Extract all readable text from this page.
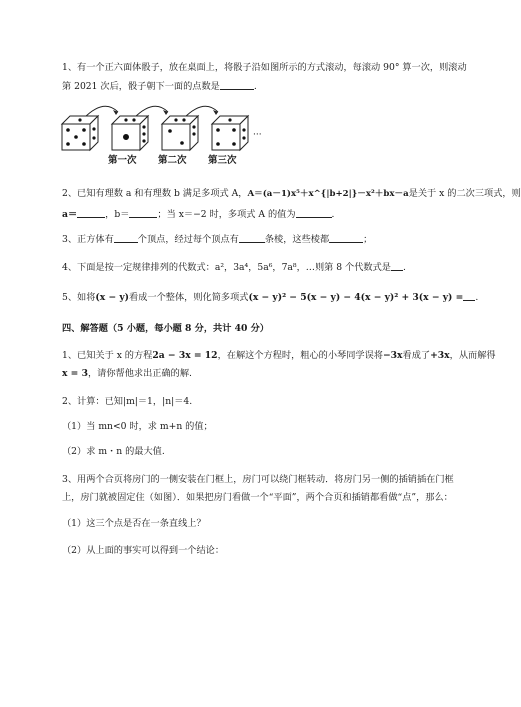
1、有一个正六面体骰子，放在桌面上，将骰子沿如图所示的方式滚动，每滚动 90° 算一次，则滚动
第 2021 次后，骰子朝下一面的点数是	.
···
第一次 第二次 第三次
2、已知有理数 a 和有理数 b 满足多项式 A，A＝(a－1)x⁵＋x^{|b+2|}－x²＋bx－a是关于 x 的二次三项式，则
a＝	，b＝	；当 x＝−2 时，多项式 A 的值为	.
3、正方体有	个顶点，经过每个顶点有	条棱，这些棱都	；
4、下面是按一定规律排列的代数式：a²，3a⁴，5a⁶，7a⁸，…则第 8 个代数式是 .
5、如将(x − y)看成一个整体，则化简多项式(x − y)² − 5(x − y) − 4(x − y)² + 3(x − y) = .
四、解答题（5 小题，每小题 8 分，共计 40 分）
1、已知关于 x 的方程2a − 3x = 12，在解这个方程时，粗心的小琴同学误将−3x看成了+3x，从而解得
x = 3，请你帮他求出正确的解.
2、计算：已知|m|＝1，|n|＝4.
（1）当 mn<0 时，求 m+n 的值；
（2）求 m・n 的最大值.
3、用两个合页将房门的一侧安装在门框上，房门可以绕门框转动．将房门另一侧的插销插在门框
上，房门就被固定住（如图）．如果把房门看做一个“平面”，两个合页和插销都看做“点”，那么：
（1）这三个点是否在一条直线上？
（2）从上面的事实可以得到一个结论：
